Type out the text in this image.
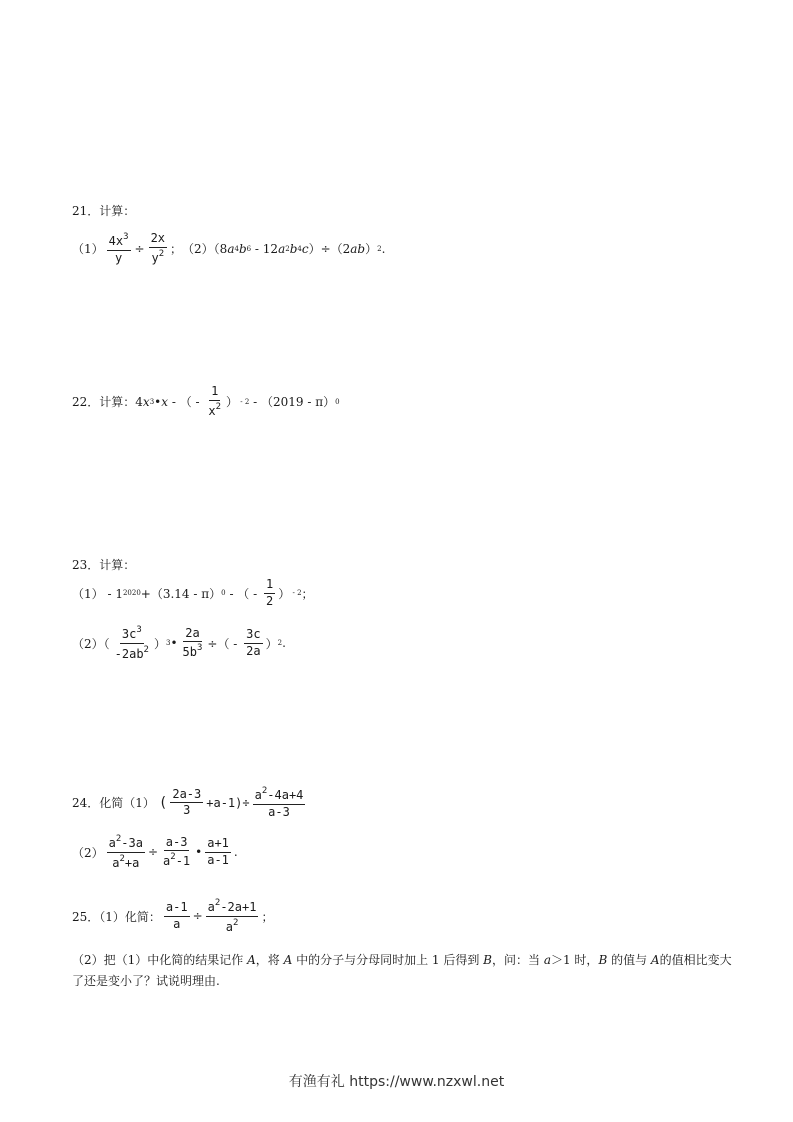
21．计算：
$(1) \frac{4x^3}{y} \div \frac{2x}{y^2}$ ； （2）（8 a 4 b 6 - 12 a 2 b 4 c ）÷（2 ab ） 2 .
22．计算：4 x 3 • x - （ - $\frac{1}{x^2}$ ） - 2 - （2019 - π） 0
23．计算：
（1） - 1 2020 +（3.14 - π） 0 - （ - $\frac{1}{2}$ ） - 2 ；
$(2)( \frac{3c^3}{-2ab^2}$ ） 3 • $\frac{2a}{5b^3}$ ÷（ - $\frac{3c}{2a}$ ） 2 .
24．化简（1） ( $\frac{2a-3}{3} +a-1)\div \frac{a^2-4a+4}{a-3}$
$(2) \frac{a^2-3a}{a^2+a} \div \frac{a-3}{a^2-1}$ • $\frac{a+1}{a-1}$ .
25．（1）化简： $\frac{a-1}{a} \div \frac{a^2-2a+1}{a^2}$ ；
（2）把（1）中化简的结果记作 A，将 A 中的分子与分母同时加上 1 后得到 B，问：当 a＞1 时，B 的值与 A的值相比变大了还是变小了？试说明理由.
有渔有礼 https://www.nzxwl.net
